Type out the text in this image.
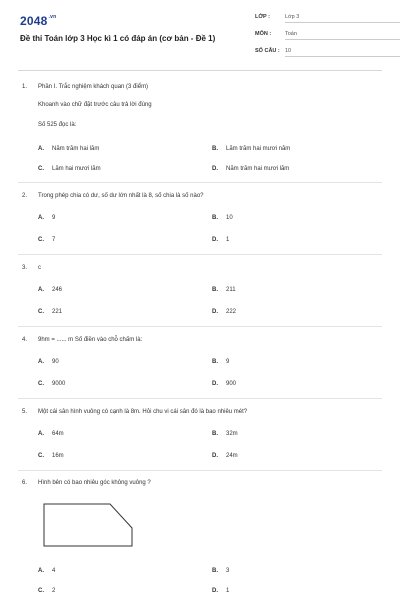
$2048^{.vn}$
Đề thi Toán lớp 3 Học kì 1 có đáp án (cơ bản - Đề 1)
LỚP :	Lớp 3
MÔN :	Toán
SỐ CÂU : 10
1. Phần I. Trắc nghiệm khách quan (3 điểm)
Khoanh vào chữ đặt trước câu trả lời đúng
Số 525 đọc là:
A. Năm trăm hai lăm	B. Lăm trăm hai mươi năm
C. Lăm hai mươi lăm	D. Năm trăm hai mươi lăm
2. Trong phép chia có dư, số dư lớn nhất là 8, số chia là số nào?
A. 9	B. 10
C. 7	D. 1
3. c
A. 246	B. 211
C. 221	D. 222
4. 9hm = ...... m Số điền vào chỗ chấm là:
A. 90	B. 9
C. 9000	D. 900
5. Một cái sân hình vuông có cạnh là 8m. Hỏi chu vi cái sân đó là bao nhiêu mét?
A. 64m	B. 32m
C. 16m	D. 24m
6. Hình bên có bao nhiêu góc không vuông ?
A. 4	B. 3
C. 2	D. 1
